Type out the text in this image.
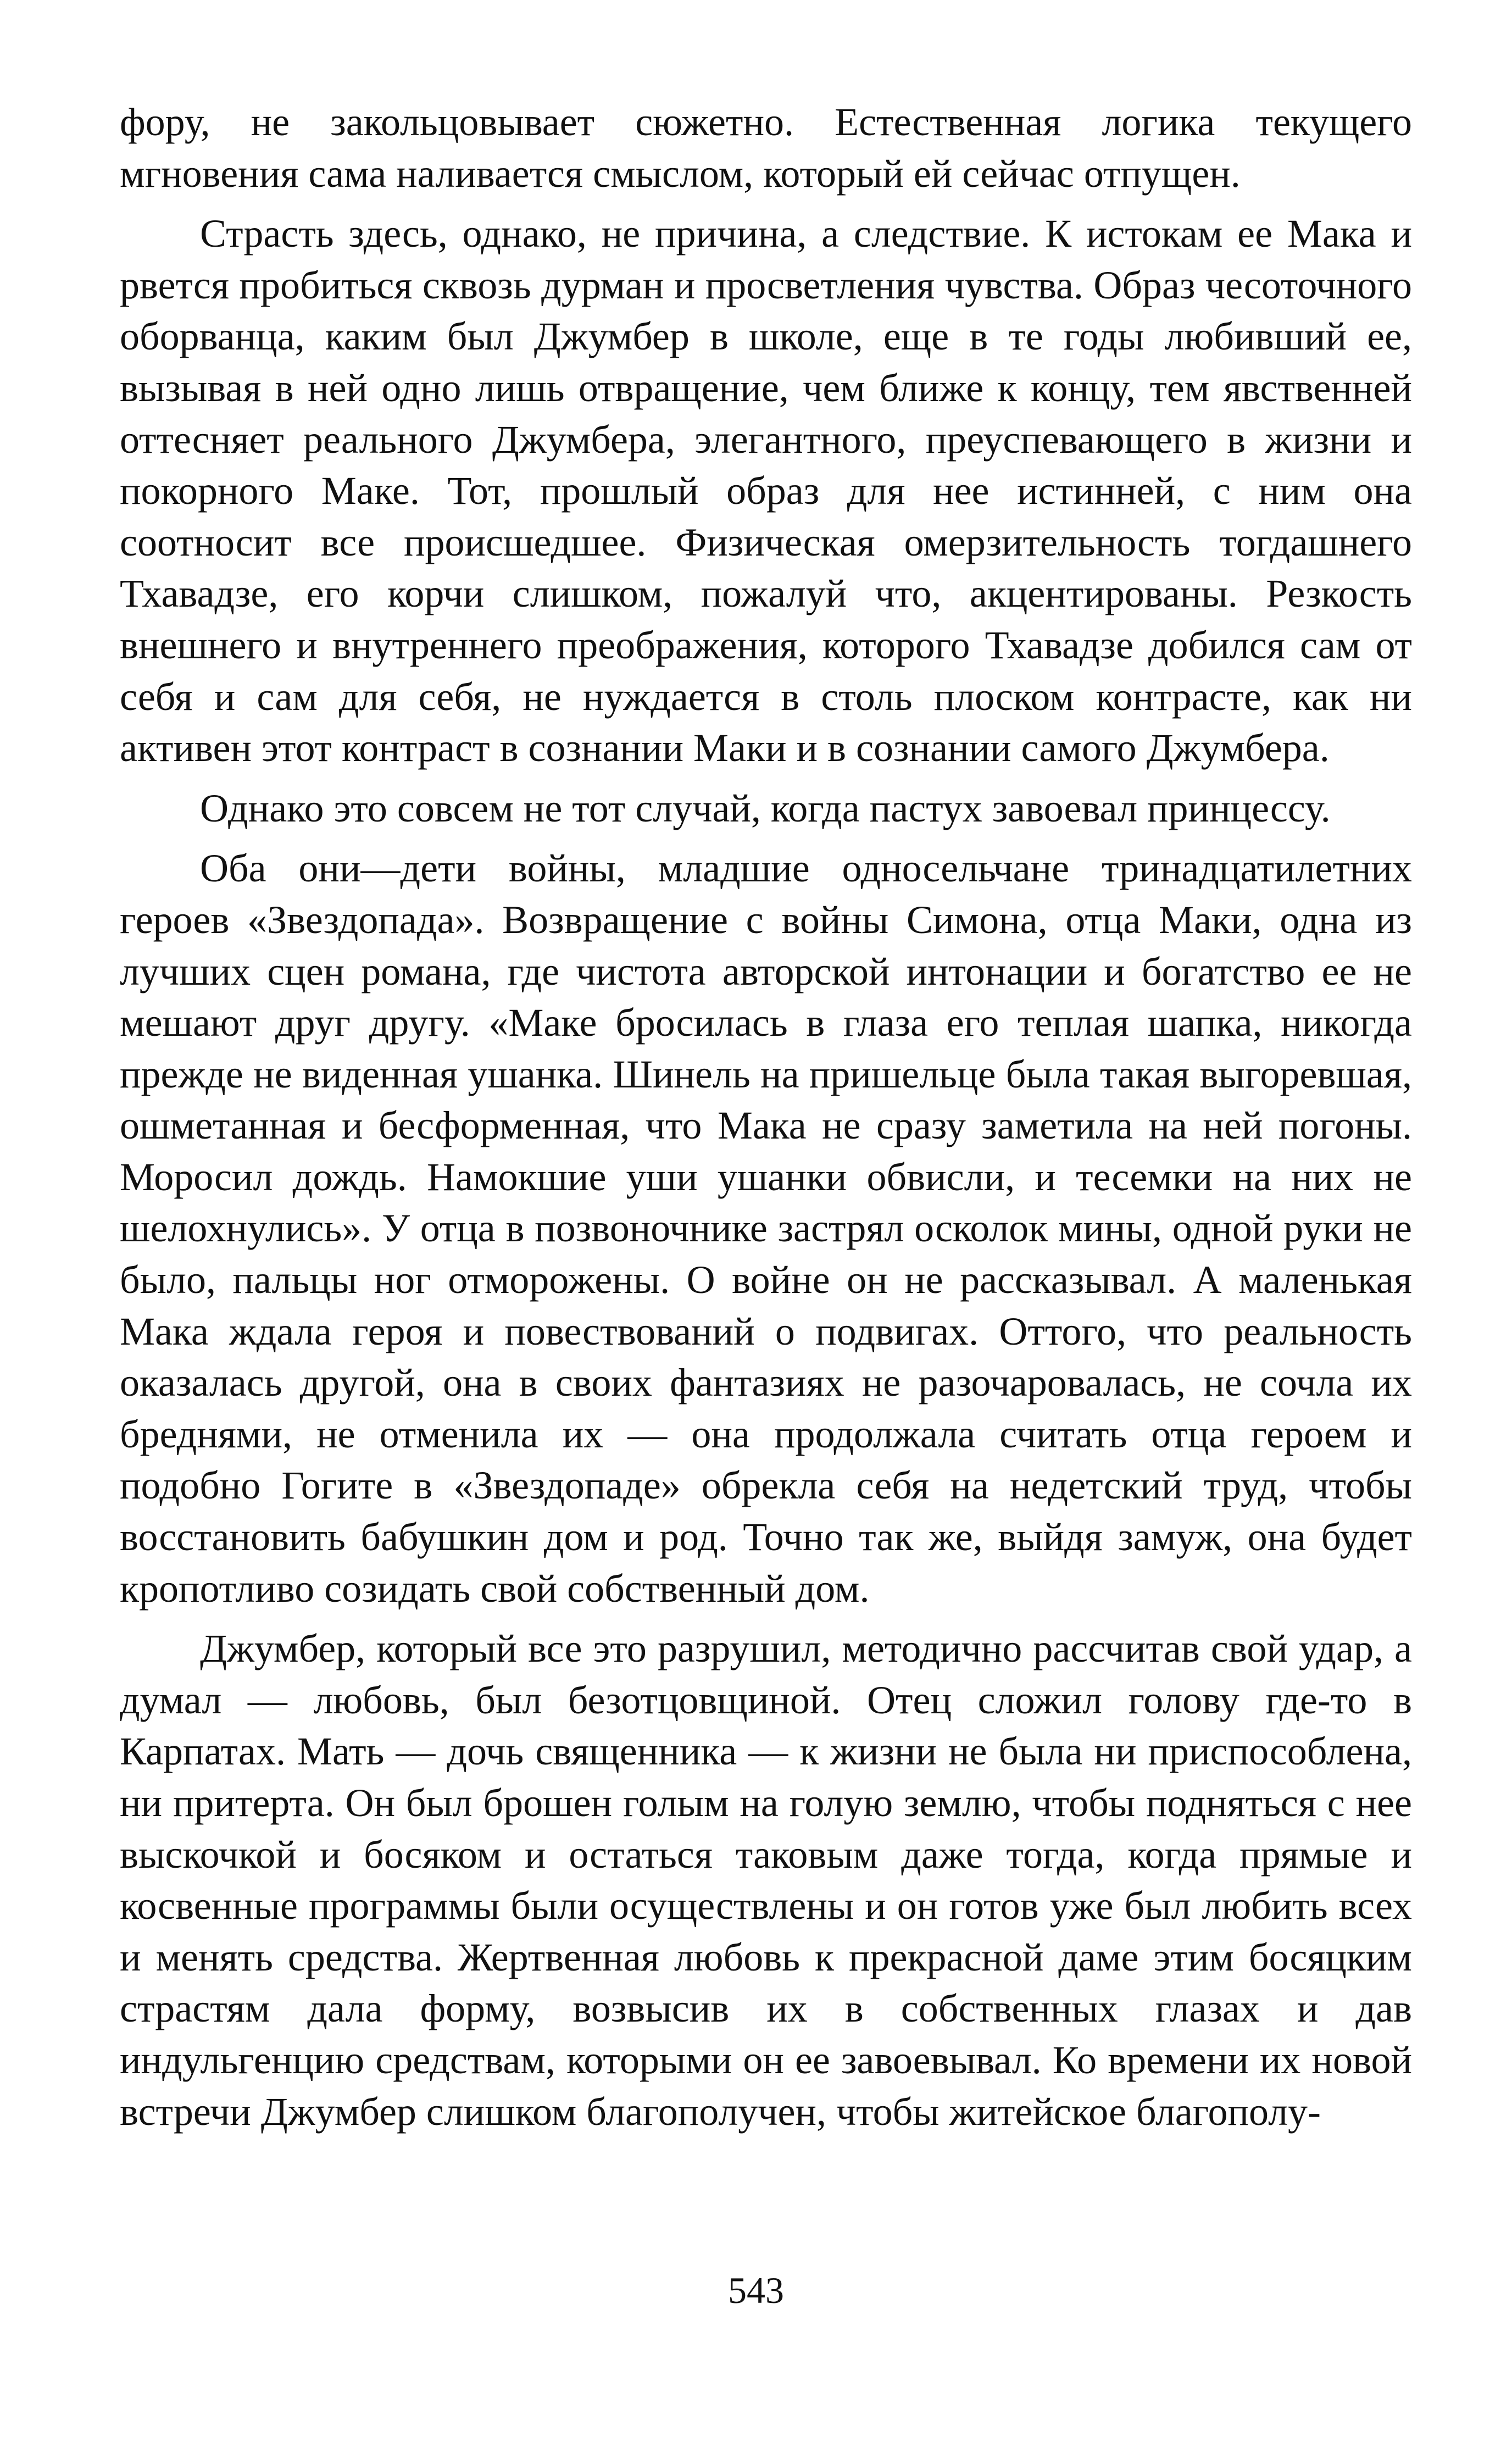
фору, не закольцовывает сюжетно. Естественная логика текущего мгновения сама наливается смыслом, который ей сейчас отпущен.

Страсть здесь, однако, не причина, а следствие. К истокам ее Мака и рвется пробиться сквозь дурман и просветления чувства. Образ чесоточного оборванца, каким был Джумбер в школе, еще в те годы любивший ее, вызывая в ней одно лишь отвращение, чем ближе к концу, тем явственней оттесняет реального Джумбера, элегантного, преуспевающего в жизни и покорного Маке. Тот, прошлый образ для нее истинней, с ним она соотносит все происшедшее. Физическая омерзительность тогдашнего Тхавадзе, его корчи слишком, пожалуй что, акцентированы. Резкость внешнего и внутреннего преображения, которого Тхавадзе добился сам от себя и сам для себя, не нуждается в столь плоском контрасте, как ни активен этот контраст в сознании Маки и в сознании самого Джумбера.

Однако это совсем не тот случай, когда пастух завоевал принцессу.

Оба они—дети войны, младшие односельчане тринадцатилетних героев «Звездопада». Возвращение с войны Симона, отца Маки, одна из лучших сцен романа, где чистота авторской интонации и богатство ее не мешают друг другу. «Маке бросилась в глаза его теплая шапка, никогда прежде не виденная ушанка. Шинель на пришельце была такая выгоревшая, ошметанная и бесформенная, что Мака не сразу заметила на ней погоны. Моросил дождь. Намокшие уши ушанки обвисли, и тесемки на них не шелохнулись». У отца в позвоночнике застрял осколок мины, одной руки не было, пальцы ног отморожены. О войне он не рассказывал. А маленькая Мака ждала героя и повествований о подвигах. Оттого, что реальность оказалась другой, она в своих фантазиях не разочаровалась, не сочла их бреднями, не отменила их — она продолжала считать отца героем и подобно Гогите в «Звездопаде» обрекла себя на недетский труд, чтобы восстановить бабушкин дом и род. Точно так же, выйдя замуж, она будет кропотливо созидать свой собственный дом.

Джумбер, который все это разрушил, методично рассчитав свой удар, а думал — любовь, был безотцовщиной. Отец сложил голову где-то в Карпатах. Мать — дочь священника — к жизни не была ни приспособлена, ни притерта. Он был брошен голым на голую землю, чтобы подняться с нее выскочкой и босяком и остаться таковым даже тогда, когда прямые и косвенные программы были осуществлены и он готов уже был любить всех и менять средства. Жертвенная любовь к прекрасной даме этим босяцким страстям дала форму, возвысив их в собственных глазах и дав индульгенцию средствам, которыми он ее завоевывал. Ко времени их новой встречи Джумбер слишком благополучен, чтобы житейское благополу-

543
